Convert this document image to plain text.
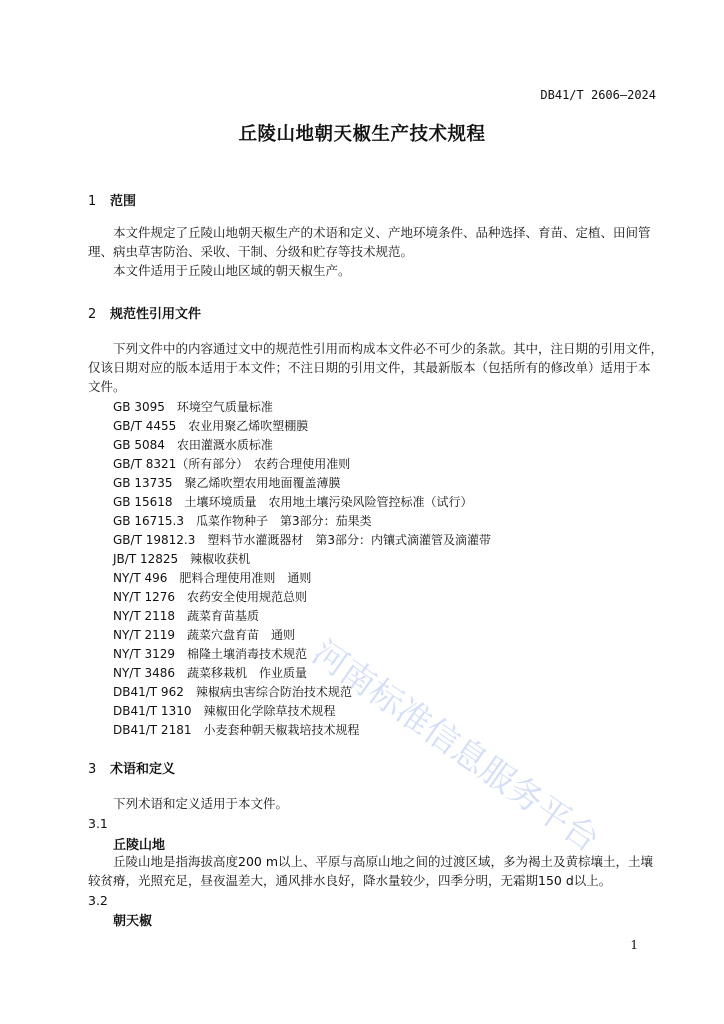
DB41/T 2606—2024
丘陵山地朝天椒生产技术规程
1 范围
本文件规定了丘陵山地朝天椒生产的术语和定义、产地环境条件、品种选择、育苗、定植、田间管
理、病虫草害防治、采收、干制、分级和贮存等技术规范。
本文件适用于丘陵山地区域的朝天椒生产。
2 规范性引用文件
下列文件中的内容通过文中的规范性引用而构成本文件必不可少的条款。其中，注日期的引用文件，
仅该日期对应的版本适用于本文件；不注日期的引用文件，其最新版本（包括所有的修改单）适用于本
文件。
GB 3095　环境空气质量标准
GB/T 4455　农业用聚乙烯吹塑棚膜
GB 5084　农田灌溉水质标准
GB/T 8321（所有部分）　农药合理使用准则
GB 13735　聚乙烯吹塑农用地面覆盖薄膜
GB 15618　土壤环境质量　农用地土壤污染风险管控标准（试行）
GB 16715.3　瓜菜作物种子　第3部分：茄果类
GB/T 19812.3　塑料节水灌溉器材　第3部分：内镶式滴灌管及滴灌带
JB/T 12825　辣椒收获机
NY/T 496　肥料合理使用准则　通则
NY/T 1276　农药安全使用规范总则
NY/T 2118　蔬菜育苗基质
NY/T 2119　蔬菜穴盘育苗　通则
NY/T 3129　棉隆土壤消毒技术规范
NY/T 3486　蔬菜移栽机　作业质量
DB41/T 962　辣椒病虫害综合防治技术规范
DB41/T 1310　辣椒田化学除草技术规程
DB41/T 2181　小麦套种朝天椒栽培技术规程
3 术语和定义
下列术语和定义适用于本文件。
3.1
丘陵山地
丘陵山地是指海拔高度200 m以上、平原与高原山地之间的过渡区域，多为褐土及黄棕壤土，土壤
较贫瘠，光照充足，昼夜温差大，通风排水良好，降水量较少，四季分明，无霜期150 d以上。
3.2
朝天椒
1
河南标准信息服务平台
